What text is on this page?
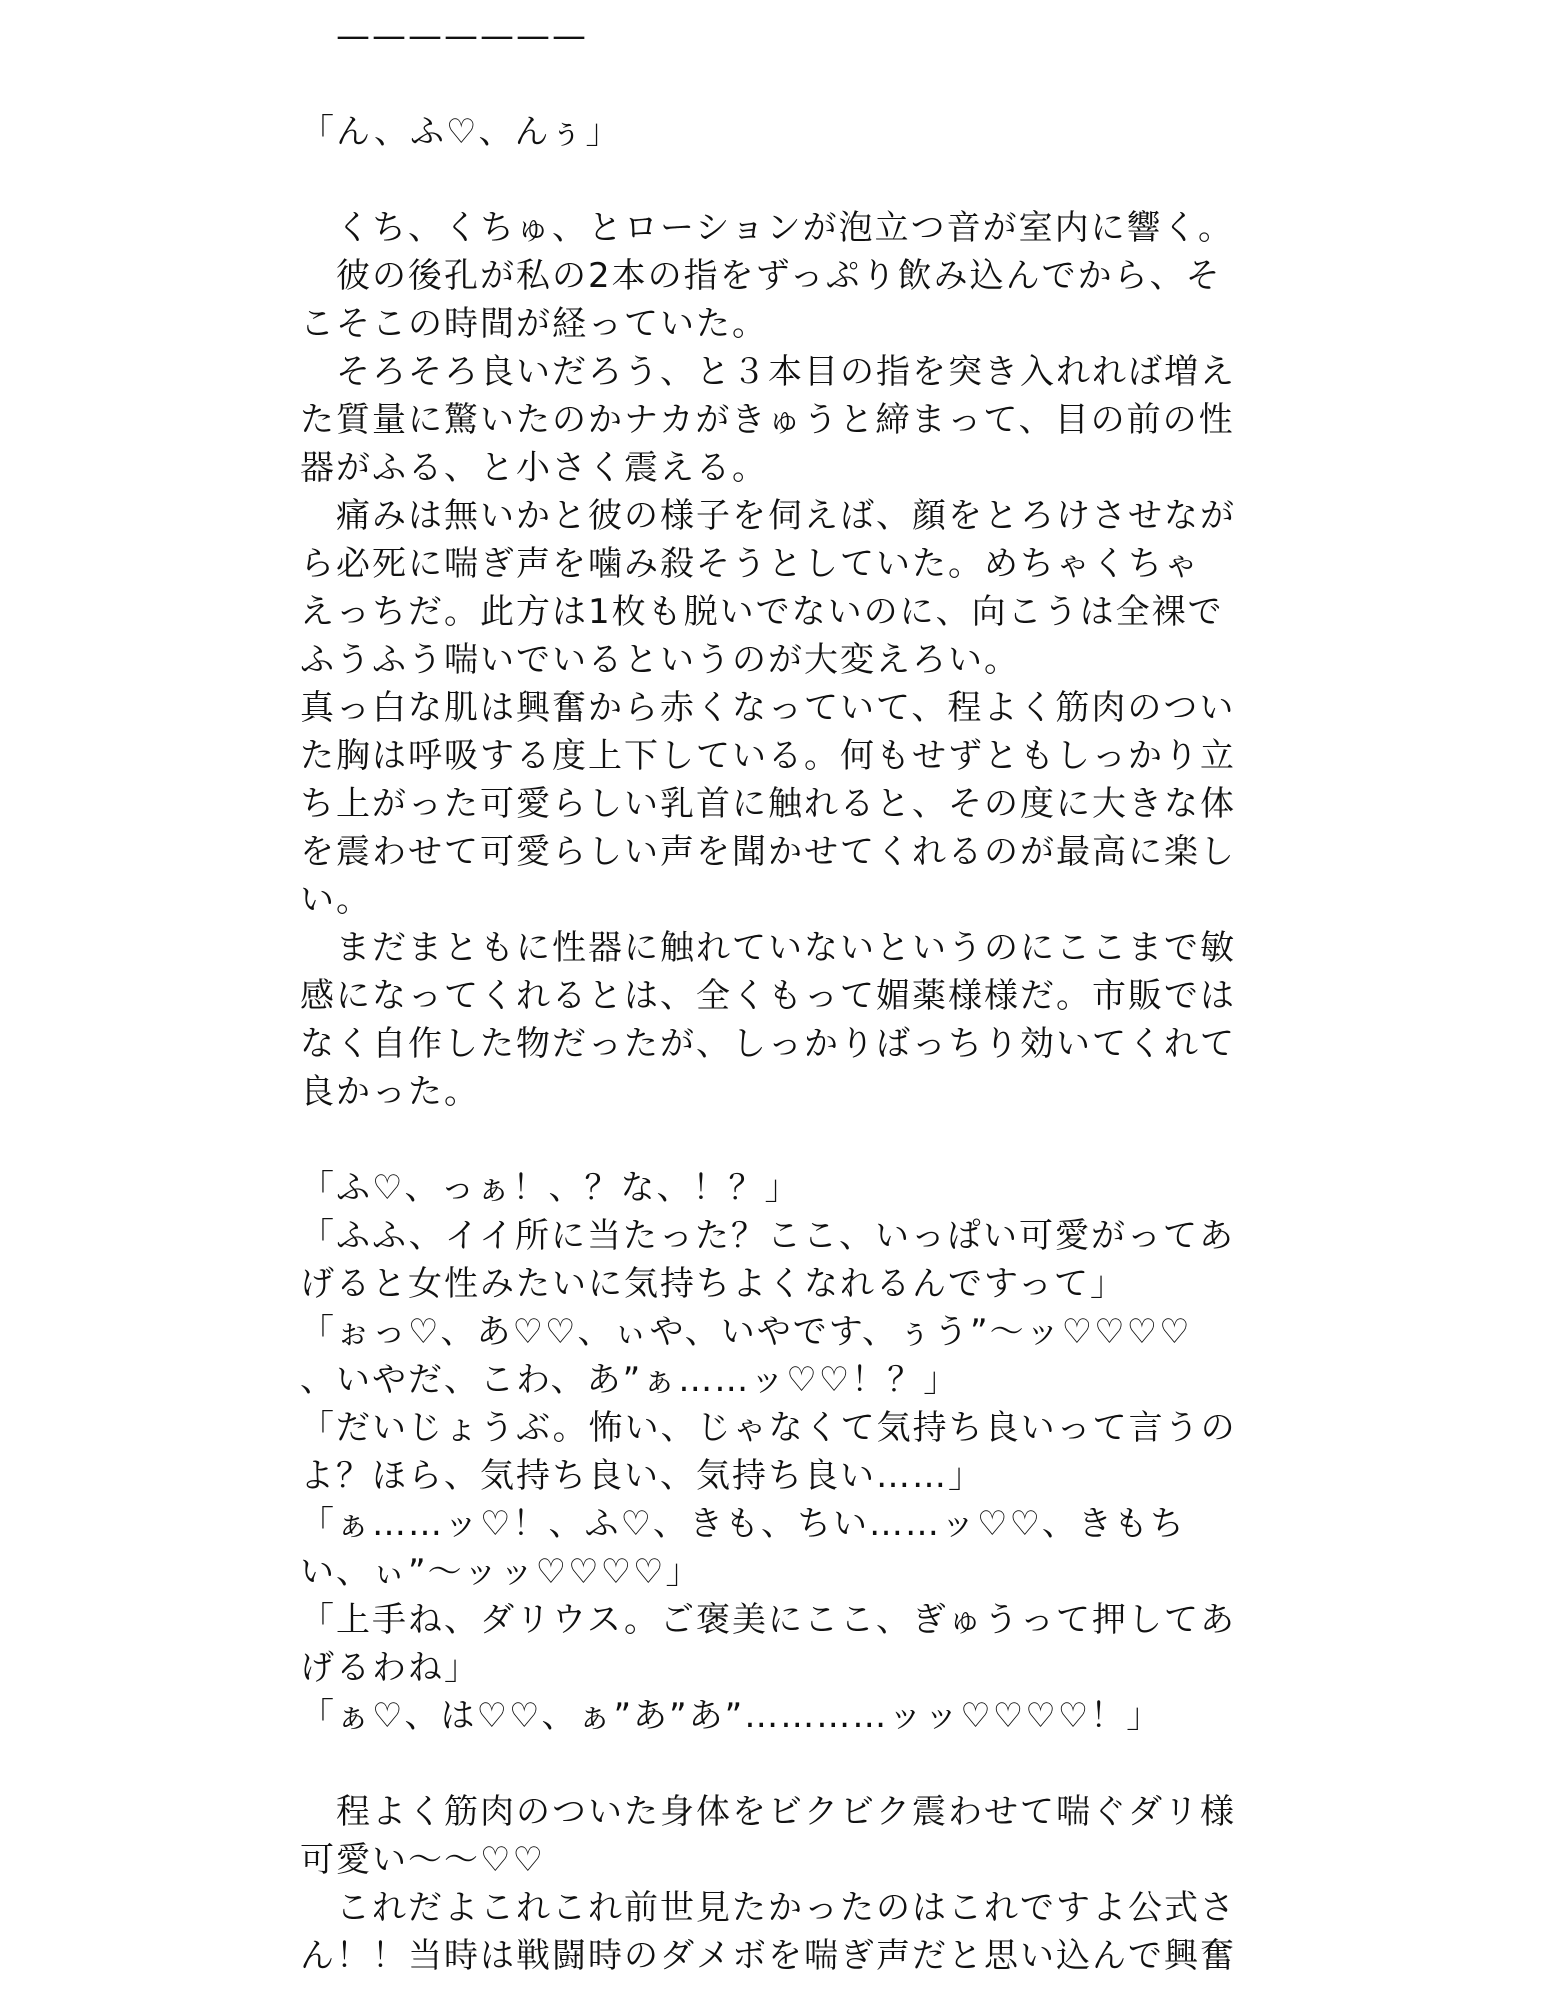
　———————
「ん、ふ♡、んぅ」
　くち、くちゅ、とローションが泡立つ音が室内に響く。
　彼の後孔が私の2本の指をずっぷり飲み込んでから、そ
こそこの時間が経っていた。
　そろそろ良いだろう、と３本目の指を突き入れれば増え
た質量に驚いたのかナカがきゅうと締まって、目の前の性
器がふる、と小さく震える。
　痛みは無いかと彼の様子を伺えば、顔をとろけさせなが
ら必死に喘ぎ声を噛み殺そうとしていた。めちゃくちゃ
えっちだ。此方は1枚も脱いでないのに、向こうは全裸で
ふうふう喘いでいるというのが大変えろい。
真っ白な肌は興奮から赤くなっていて、程よく筋肉のつい
た胸は呼吸する度上下している。何もせずともしっかり立
ち上がった可愛らしい乳首に触れると、その度に大きな体
を震わせて可愛らしい声を聞かせてくれるのが最高に楽し
い。
　まだまともに性器に触れていないというのにここまで敏
感になってくれるとは、全くもって媚薬様様だ。市販では
なく自作した物だったが、しっかりばっちり効いてくれて
良かった。
「ふ♡、っぁ！、？な、！？」
「ふふ、イイ所に当たった？ここ、いっぱい可愛がってあ
げると女性みたいに気持ちよくなれるんですって」
「ぉっ♡、あ♡♡、ぃや、いやです、ぅう”〜ッ♡♡♡♡
、いやだ、こわ、あ”ぁ……ッ♡♡！？」
「だいじょうぶ。怖い、じゃなくて気持ち良いって言うの
よ？ほら、気持ち良い、気持ち良い……」
「ぁ……ッ♡！、ふ♡、きも、ちい……ッ♡♡、きもち
い、ぃ”〜ッッ♡♡♡♡」
「上手ね、ダリウス。ご褒美にここ、ぎゅうって押してあ
げるわね」
「ぁ♡、は♡♡、ぁ”あ”あ”…………ッッ♡♡♡♡！」
　程よく筋肉のついた身体をビクビク震わせて喘ぐダリ様
可愛い〜〜♡♡
　これだよこれこれ前世見たかったのはこれですよ公式さ
ん！！当時は戦闘時のダメボを喘ぎ声だと思い込んで興奮
